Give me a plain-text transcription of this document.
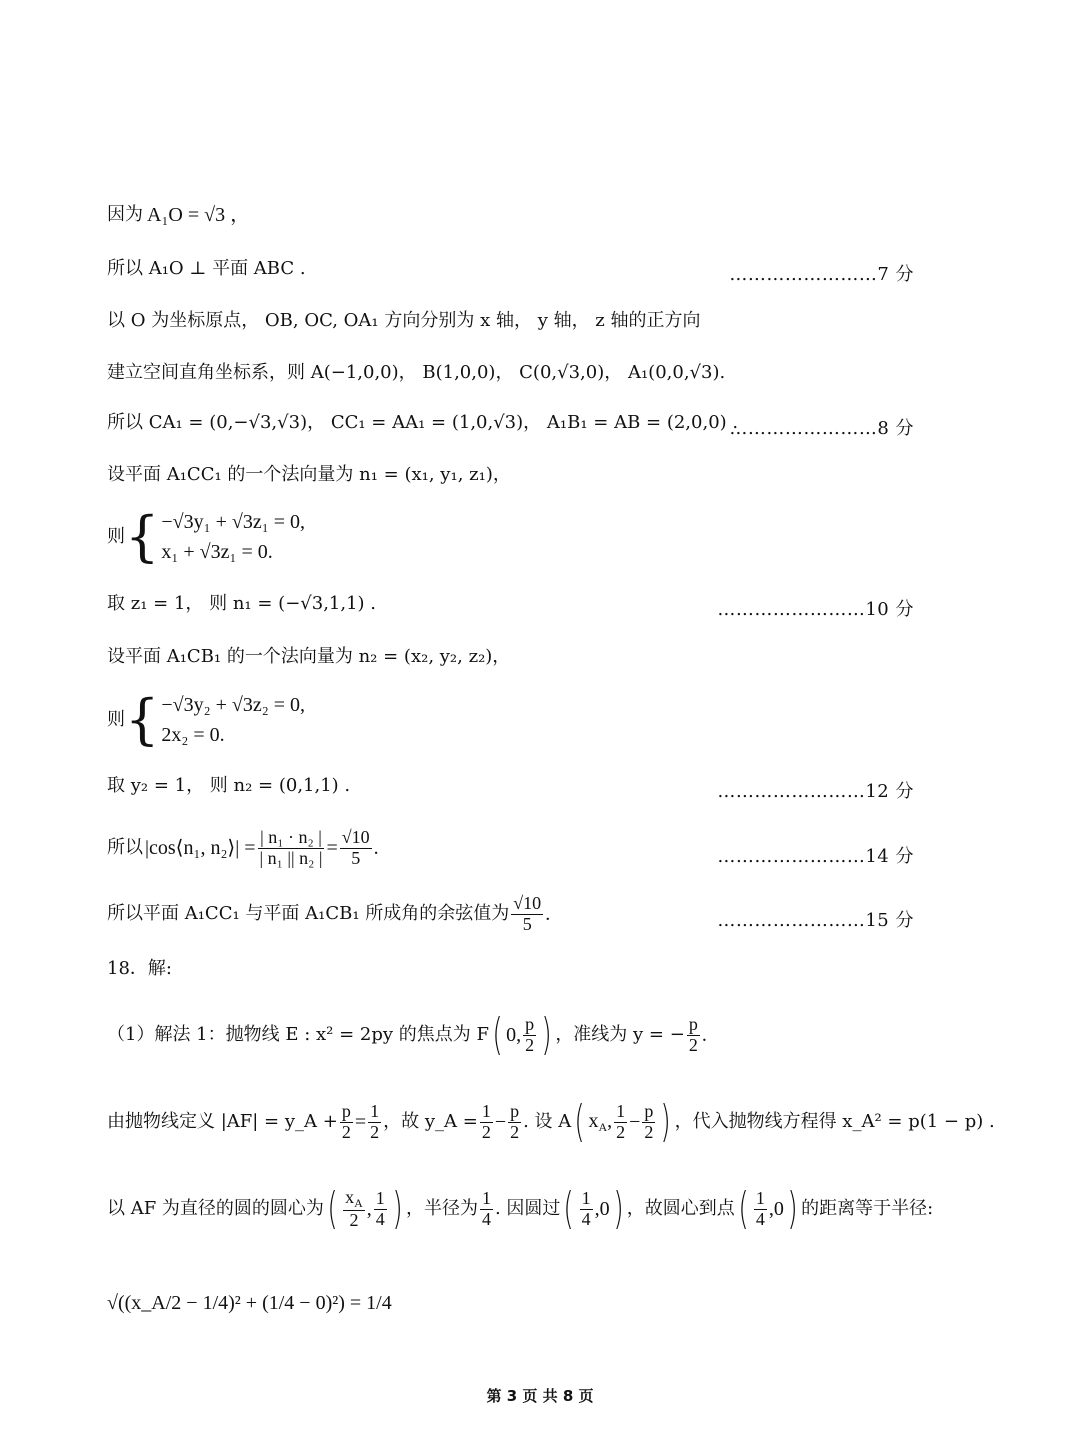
因为 A₁O = √3 ，
所以 A₁O ⊥ 平面 ABC .	……………………7 分
以 O 为坐标原点， OB, OC, OA₁ 方向分别为 x 轴， y 轴， z 轴的正方向
建立空间直角坐标系，则 A(−1,0,0)， B(1,0,0)， C(0,√3,0)， A₁(0,0,√3).
所以 CA₁ = (0,−√3,√3)， CC₁ = AA₁ = (1,0,√3)， A₁B₁ = AB = (2,0,0) .
……………………8 分
设平面 A₁CC₁ 的一个法向量为 n₁ = (x₁, y₁, z₁)，
则 { −√3y₁ + √3z₁ = 0,
x₁ + √3z₁ = 0.
取 z₁ = 1， 则 n₁ = (−√3,1,1) .	……………………10 分
设平面 A₁CB₁ 的一个法向量为 n₂ = (x₂, y₂, z₂)，
则 { −√3y₂ + √3z₂ = 0,
2x₂ = 0.
取 y₂ = 1， 则 n₂ = (0,1,1) .	……………………12 分
所以 |cos⟨n₁, n₂⟩| = $\frac{\text{| n₁ · n₂ |}}{\text{| n₁ || n₂ |}} = \frac{√10}{5}$ .	……………………14 分
所以平面 A₁CC₁ 与平面 A₁CB₁ 所成角的余弦值为 $\frac{√10}{5}$ .	……………………15 分
18．解:
（1）解法 1：抛物线 E : x² = 2py 的焦点为 F ( 0, $\frac{p}{2}$ ) ，准线为 y = − $\frac{p}{2}$ .
由抛物线定义 |AF| = y_A + $\frac{p}{2} = \frac{1}{2}$ ，故 y_A = $\frac{1}{2} - \frac{p}{2}$ . 设 A ( $x_A$, $\frac{1}{2} - \frac{p}{2}$ ) ，代入抛物线方程得 x_A² = p(1 − p) .
以 AF 为直径的圆的圆心为 ( $\frac{x_A}{2}$ , $\frac{1}{4}$ ) ，半径为 $\frac{1}{4}$ . 因圆过 ( $\frac{1}{4} ,0$ ) ，故圆心到点 ( $\frac{1}{4} ,0$ ) 的距离等于半径:
√((x_A/2 − 1/4)² + (1/4 − 0)²) = 1/4
第 3 页 共 8 页
